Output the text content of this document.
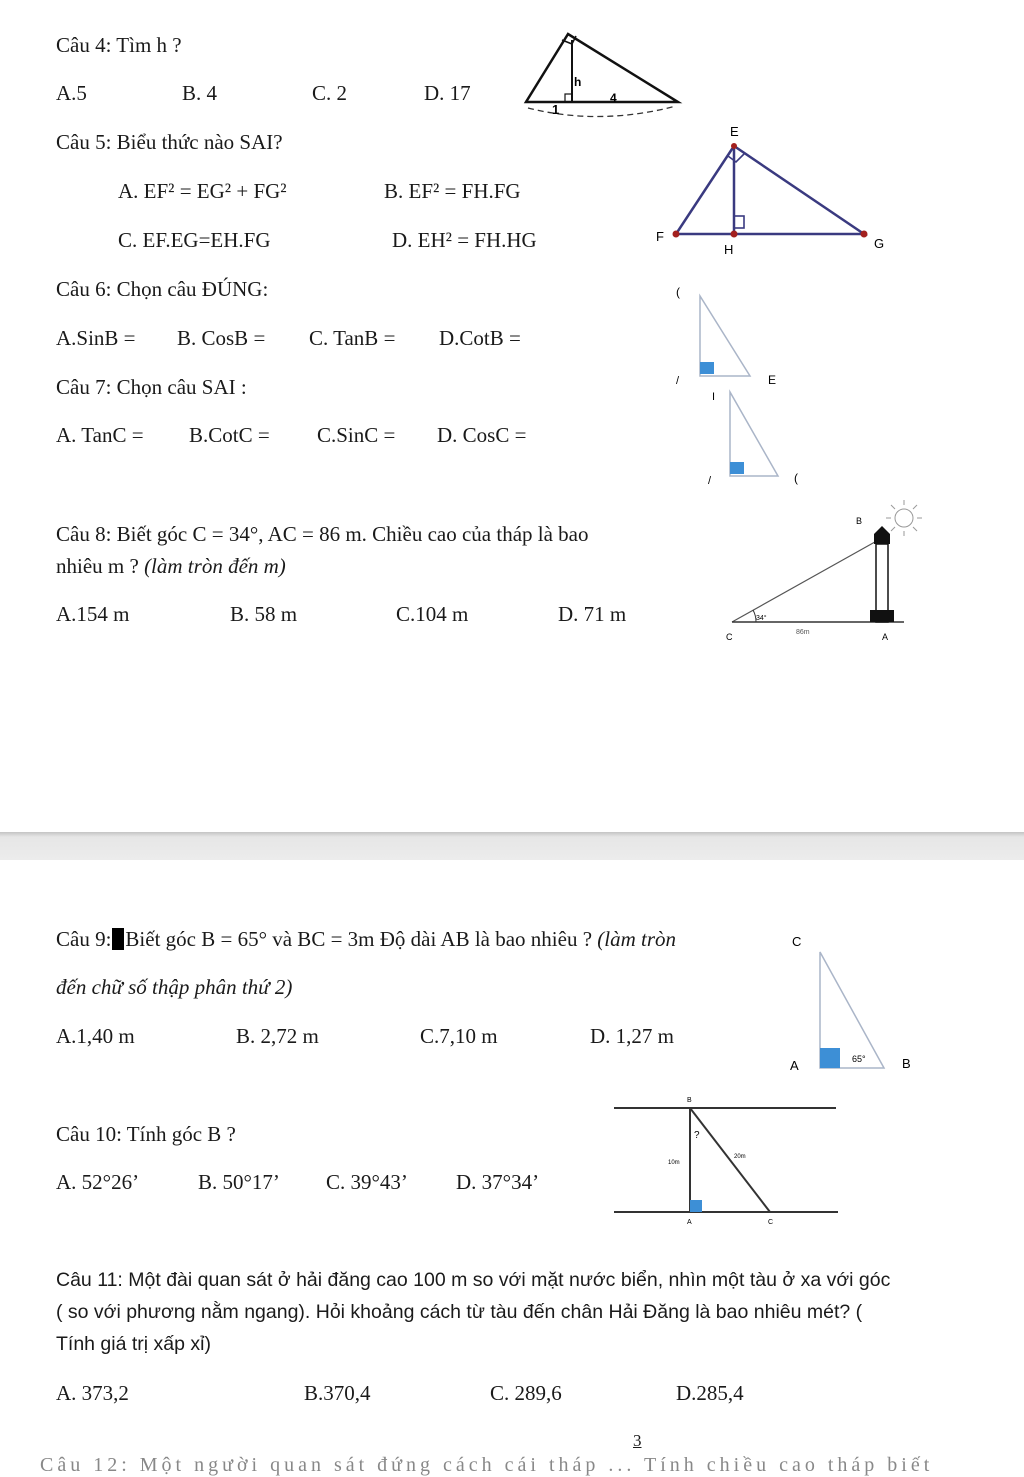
Câu 4: Tìm h ?
A.5	B. 4	C. 2	D. 17	h
1
4
Câu 5: Biểu thức nào SAI?
A. EF² = EG² + FG²	B. EF² = FH.FG
C. EF.EG=EH.FG	D. EH² = FH.HG
E
F
H	G
Câu 6: Chọn câu ĐÚNG:
A.SinB = B. CosB = C. TanB = D.CotB =
(
/	E
Câu 7: Chọn câu SAI :
A. TanC = B.CotC = C.SinC = D. CosC =
I
/	(
Câu 8: Biết góc C = 34°, AC = 86 m. Chiều cao của tháp là bao
nhiêu m ? (làm tròn đến m)
A.154 m	B. 58 m	C.104 m	D. 71 m	34°
86m
B
C	A
Câu 9: Biết góc B = 65° và BC = 3m Độ dài AB là bao nhiêu ? (làm tròn
đến chữ số thập phân thứ 2)
A.1,40 m	B. 2,72 m	C.7,10 m	D. 1,27 m
65°
C
A	B
Câu 10: Tính góc B ?
A. 52°26’	B. 50°17’ C. 39°43’ D. 37°34’
B
A	C
?
10m
20m
Câu 11: Một đài quan sát ở hải đăng cao 100 m so với mặt nước biển, nhìn một tàu ở xa với góc
( so với phương nằm ngang). Hỏi khoảng cách từ tàu đến chân Hải Đăng là bao nhiêu mét? (
Tính giá trị xấp xỉ)
A. 373,2	B.370,4	C. 289,6	D.285,4
3
Câu 12: Một người quan sát đứng cách cái tháp ... Tính chiều cao tháp biết
